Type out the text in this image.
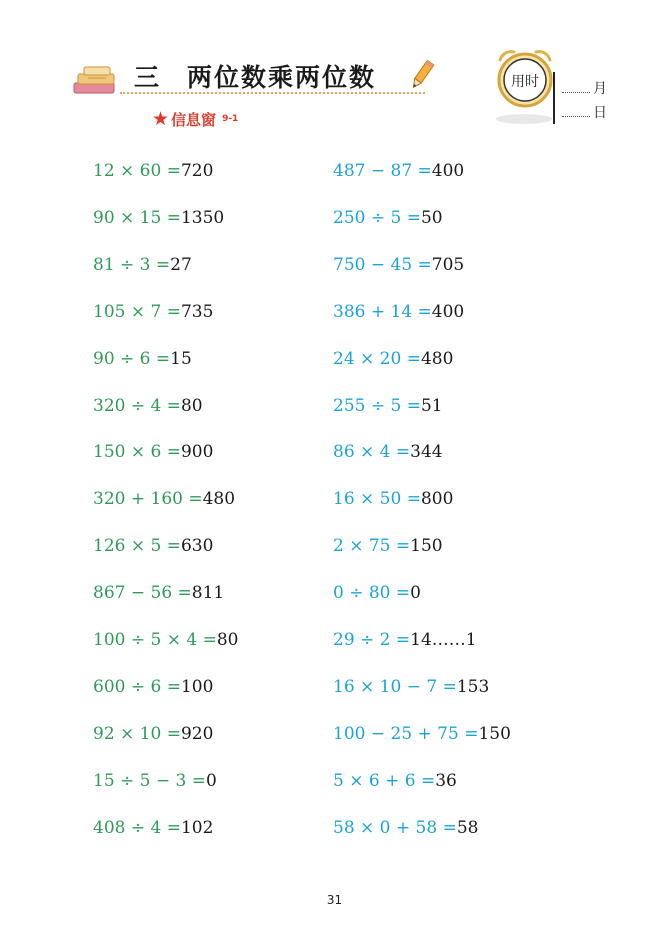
三 两位数乘两位数
★ 信息窗 9-1
用时	月
日
12 × 60 =720
90 × 15 =1350
81 ÷ 3 =27
105 × 7 =735
90 ÷ 6 =15
320 ÷ 4 =80
150 × 6 =900
320 + 160 =480
126 × 5 =630
867 − 56 =811
100 ÷ 5 × 4 =80
600 ÷ 6 =100
92 × 10 =920
15 ÷ 5 − 3 =0
408 ÷ 4 =102
487 − 87 =400
250 ÷ 5 =50
750 − 45 =705
386 + 14 =400
24 × 20 =480
255 ÷ 5 =51
86 × 4 =344
16 × 50 =800
2 × 75 =150
0 ÷ 80 =0
29 ÷ 2 =14……1
16 × 10 − 7 =153
100 − 25 + 75 =150
5 × 6 + 6 =36
58 × 0 + 58 =58
31
